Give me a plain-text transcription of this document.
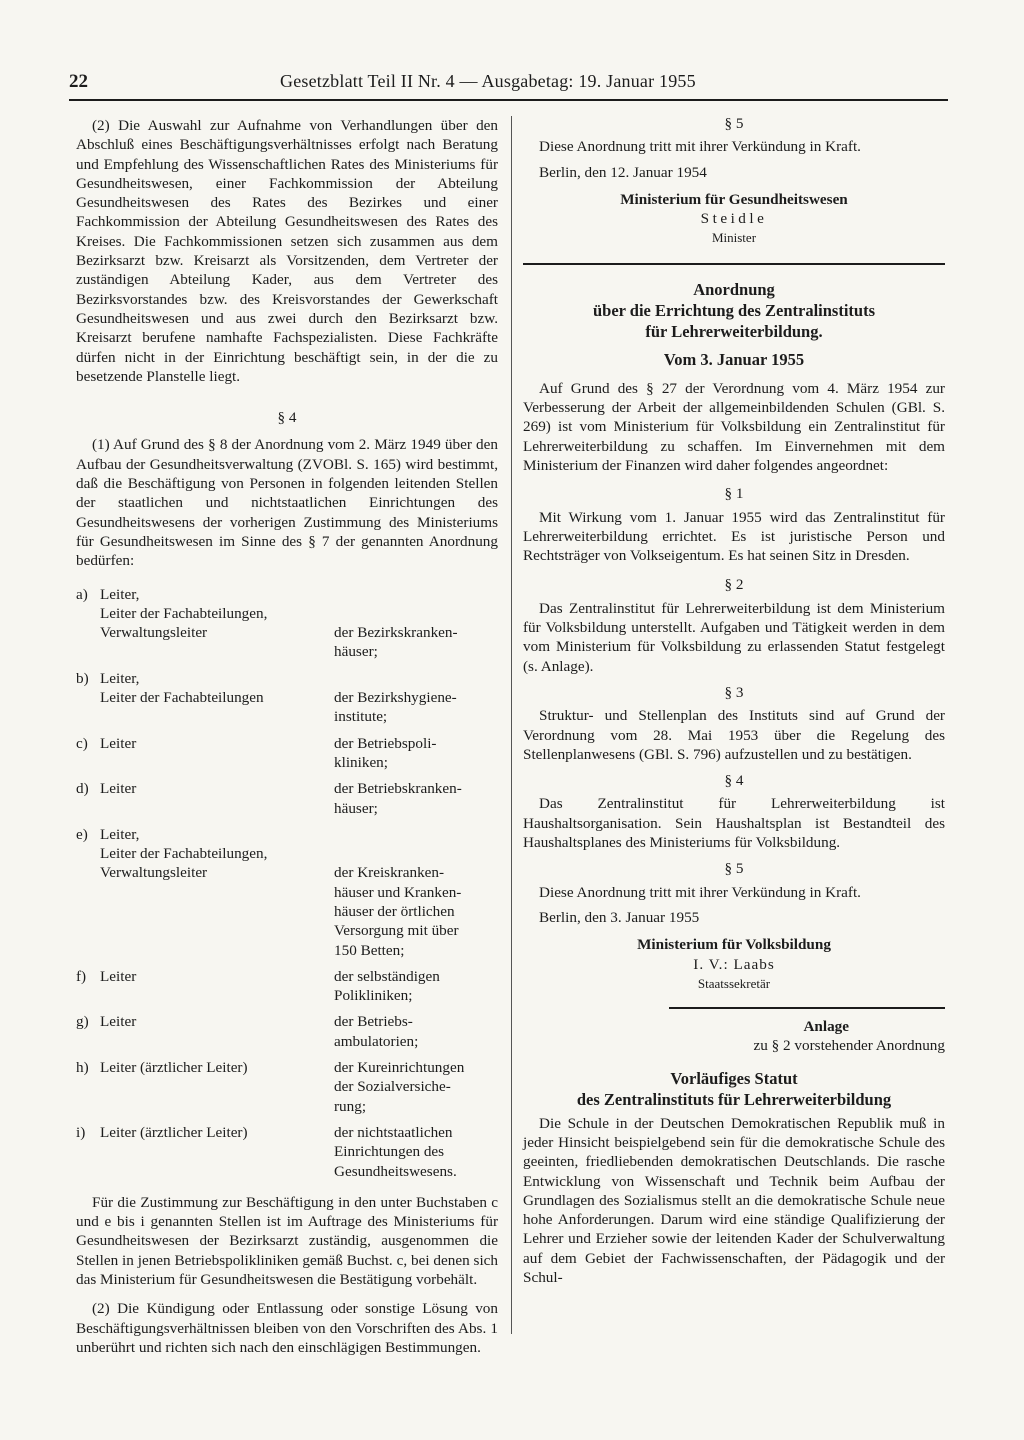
22	Gesetzblatt Teil II Nr. 4 — Ausgabetag: 19. Januar 1955

(2) Die Auswahl zur Aufnahme von Verhandlungen über den Abschluß eines Beschäftigungsverhältnisses erfolgt nach Beratung und Empfehlung des Wissenschaftlichen Rates des Ministeriums für Gesundheitswesen, einer Fachkommission der Abteilung Gesundheitswesen des Rates des Bezirkes und einer Fachkommission der Abteilung Gesundheitswesen des Rates des Kreises. Die Fachkommissionen setzen sich zusammen aus dem Bezirksarzt bzw. Kreisarzt als Vorsitzenden, dem Vertreter der zuständigen Abteilung Kader, aus dem Vertreter des Bezirksvorstandes bzw. des Kreisvorstandes der Gewerkschaft Gesundheitswesen und aus zwei durch den Bezirksarzt bzw. Kreisarzt berufene namhafte Fachspezialisten. Diese Fachkräfte dürfen nicht in der Einrichtung beschäftigt sein, in der die zu besetzende Planstelle liegt.

§ 4

(1) Auf Grund des § 8 der Anordnung vom 2. März 1949 über den Aufbau der Gesundheitsverwaltung (ZVOBl. S. 165) wird bestimmt, daß die Beschäftigung von Personen in folgenden leitenden Stellen der staatlichen und nichtstaatlichen Einrichtungen des Gesundheitswesens der vorherigen Zustimmung des Ministeriums für Gesundheitswesen im Sinne des § 7 der genannten Anordnung bedürfen:

a) Leiter,
Leiter der Fachabteilungen,
Verwaltungsleiter

	der Bezirkskranken-
häuser;
b) Leiter,
Leiter der Fachabteilungen
	der Bezirkshygiene-
institute;
c) Leiter	der Betriebspoli-
kliniken;
d) Leiter	der Betriebskranken-
häuser;
e) Leiter,
Leiter der Fachabteilungen,
Verwaltungsleiter

	der Kreiskranken-
häuser und Kranken-
häuser der örtlichen
Versorgung mit über
150 Betten;
f) Leiter	der selbständigen
Polikliniken;
g) Leiter	der Betriebs-
ambulatorien;
h) Leiter (ärztlicher Leiter)	der Kureinrichtungen
der Sozialversiche-
rung;
i) Leiter (ärztlicher Leiter)	der nichtstaatlichen
Einrichtungen des
Gesundheitswesens.

Für die Zustimmung zur Beschäftigung in den unter Buchstaben c und e bis i genannten Stellen ist im Auftrage des Ministeriums für Gesundheitswesen der Bezirksarzt zuständig, ausgenommen die Stellen in jenen Betriebspolikliniken gemäß Buchst. c, bei denen sich das Ministerium für Gesundheitswesen die Bestätigung vorbehält.

(2) Die Kündigung oder Entlassung oder sonstige Lösung von Beschäftigungsverhältnissen bleiben von den Vorschriften des Abs. 1 unberührt und richten sich nach den einschlägigen Bestimmungen.

§ 5

Diese Anordnung tritt mit ihrer Verkündung in Kraft.

Berlin, den 12. Januar 1954

Ministerium für Gesundheitswesen

Steidle

Minister

Anordnung

über die Errichtung des Zentralinstituts

für Lehrerweiterbildung.

Vom 3. Januar 1955

Auf Grund des § 27 der Verordnung vom 4. März 1954 zur Verbesserung der Arbeit der allgemeinbildenden Schulen (GBl. S. 269) ist vom Ministerium für Volksbildung ein Zentralinstitut für Lehrerweiterbildung zu schaffen. Im Einvernehmen mit dem Ministerium der Finanzen wird daher folgendes angeordnet:

§ 1

Mit Wirkung vom 1. Januar 1955 wird das Zentralinstitut für Lehrerweiterbildung errichtet. Es ist juristische Person und Rechtsträger von Volkseigentum. Es hat seinen Sitz in Dresden.

§ 2

Das Zentralinstitut für Lehrerweiterbildung ist dem Ministerium für Volksbildung unterstellt. Aufgaben und Tätigkeit werden in dem vom Ministerium für Volksbildung zu erlassenden Statut festgelegt (s. Anlage).

§ 3

Struktur- und Stellenplan des Instituts sind auf Grund der Verordnung vom 28. Mai 1953 über die Regelung des Stellenplanwesens (GBl. S. 796) aufzustellen und zu bestätigen.

§ 4

Das Zentralinstitut für Lehrerweiterbildung ist Haushaltsorganisation. Sein Haushaltsplan ist Bestandteil des Haushaltsplanes des Ministeriums für Volksbildung.

§ 5

Diese Anordnung tritt mit ihrer Verkündung in Kraft.

Berlin, den 3. Januar 1955

Ministerium für Volksbildung

I. V.: Laabs

Staatssekretär

Anlage

zu § 2 vorstehender Anordnung

Vorläufiges Statut

des Zentralinstituts für Lehrerweiterbildung

Die Schule in der Deutschen Demokratischen Republik muß in jeder Hinsicht beispielgebend sein für die demokratische Schule des geeinten, friedliebenden demokratischen Deutschlands. Die rasche Entwicklung von Wissenschaft und Technik beim Aufbau der Grundlagen des Sozialismus stellt an die demokratische Schule neue hohe Anforderungen. Darum wird eine ständige Qualifizierung der Lehrer und Erzieher sowie der leitenden Kader der Schulverwaltung auf dem Gebiet der Fachwissenschaften, der Pädagogik und der Schul-
